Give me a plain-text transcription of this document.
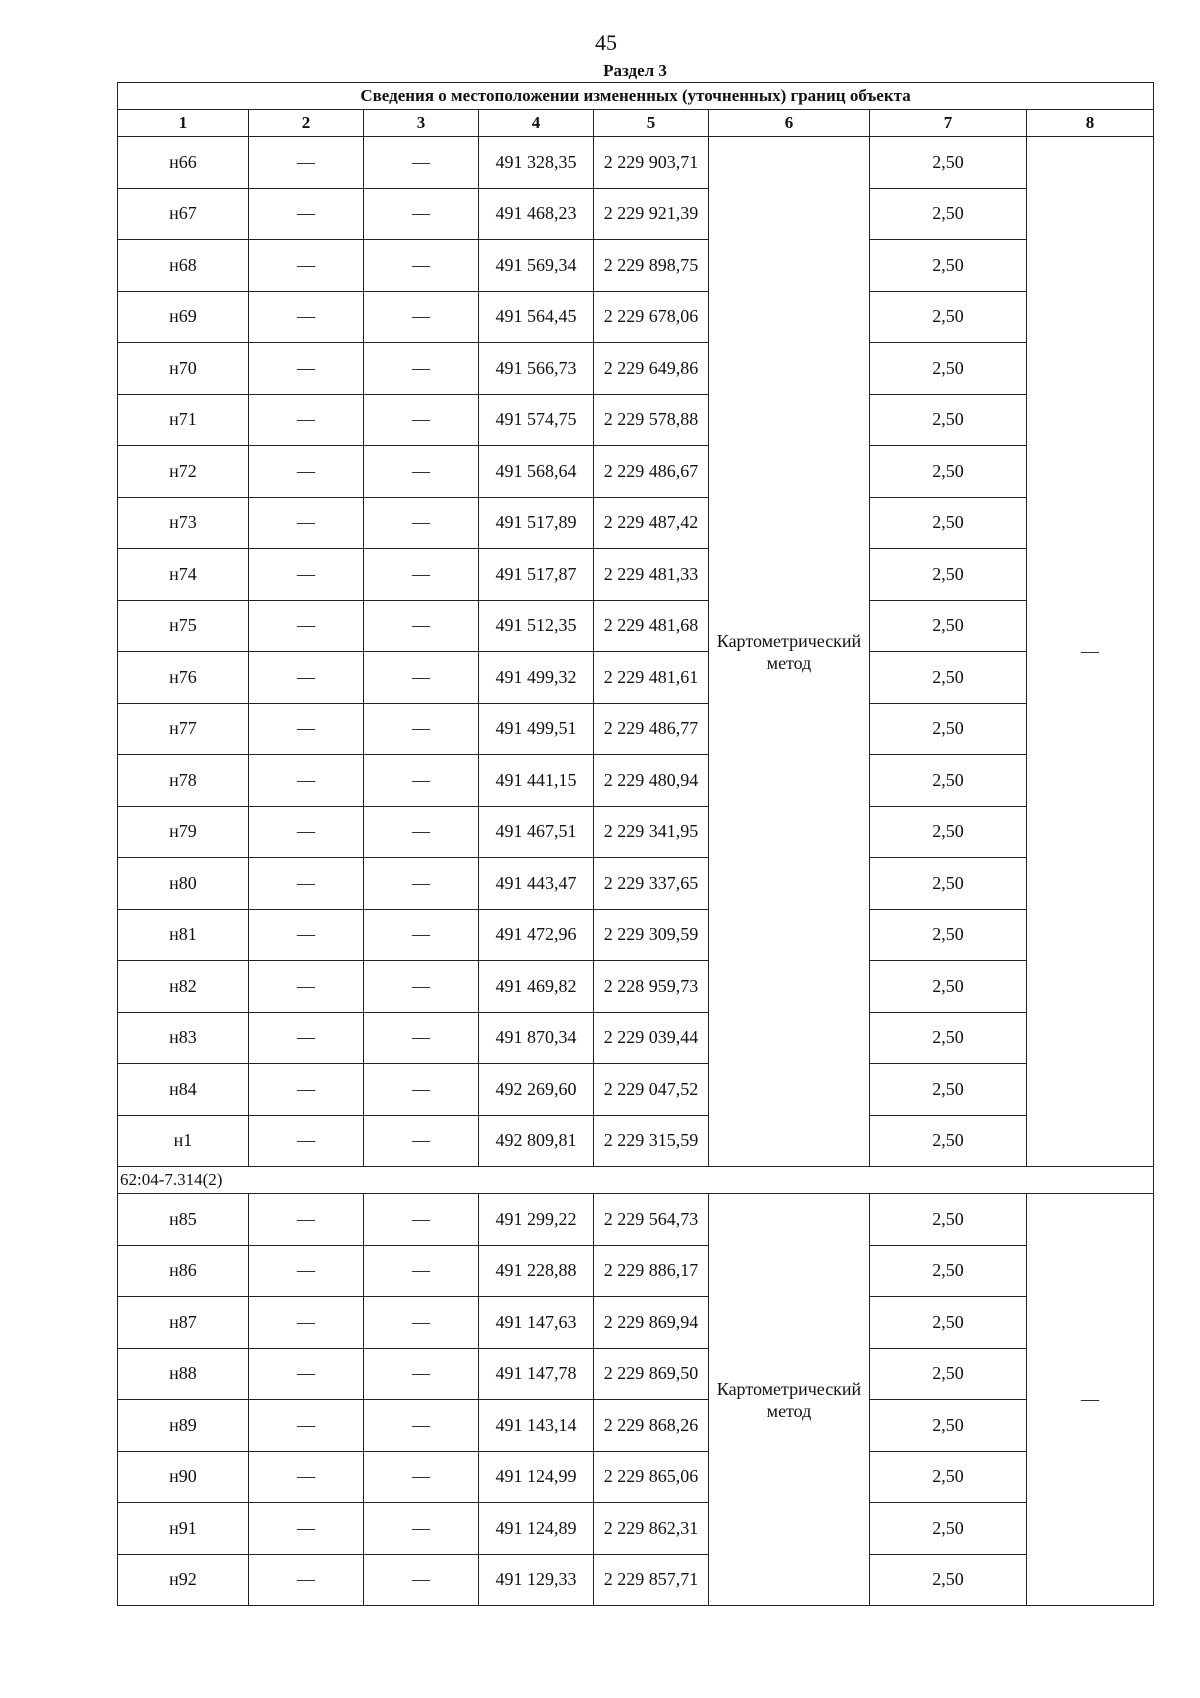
45
Раздел 3
Сведения о местоположении измененных (уточненных) границ объекта							
1	2	3	4	5	6	7	8
н66	—	—	491 328,35	2 229 903,71	Картометрический метод	2,50	—
н67	—	—	491 468,23	2 229 921,39		2,50	
н68	—	—	491 569,34	2 229 898,75		2,50	
н69	—	—	491 564,45	2 229 678,06		2,50	
н70	—	—	491 566,73	2 229 649,86		2,50	
н71	—	—	491 574,75	2 229 578,88		2,50	
н72	—	—	491 568,64	2 229 486,67		2,50	
н73	—	—	491 517,89	2 229 487,42		2,50	
н74	—	—	491 517,87	2 229 481,33		2,50	
н75	—	—	491 512,35	2 229 481,68		2,50	
н76	—	—	491 499,32	2 229 481,61		2,50	
н77	—	—	491 499,51	2 229 486,77		2,50	
н78	—	—	491 441,15	2 229 480,94		2,50	
н79	—	—	491 467,51	2 229 341,95		2,50	
н80	—	—	491 443,47	2 229 337,65		2,50	
н81	—	—	491 472,96	2 229 309,59		2,50	
н82	—	—	491 469,82	2 228 959,73		2,50	
н83	—	—	491 870,34	2 229 039,44		2,50	
н84	—	—	492 269,60	2 229 047,52		2,50	
н1	—	—	492 809,81	2 229 315,59		2,50	
62:04-7.314(2)							
н85	—	—	491 299,22	2 229 564,73	Картометрический метод	2,50	—
н86	—	—	491 228,88	2 229 886,17		2,50	
н87	—	—	491 147,63	2 229 869,94		2,50	
н88	—	—	491 147,78	2 229 869,50		2,50	
н89	—	—	491 143,14	2 229 868,26		2,50	
н90	—	—	491 124,99	2 229 865,06		2,50	
н91	—	—	491 124,89	2 229 862,31		2,50	
н92	—	—	491 129,33	2 229 857,71		2,50	
